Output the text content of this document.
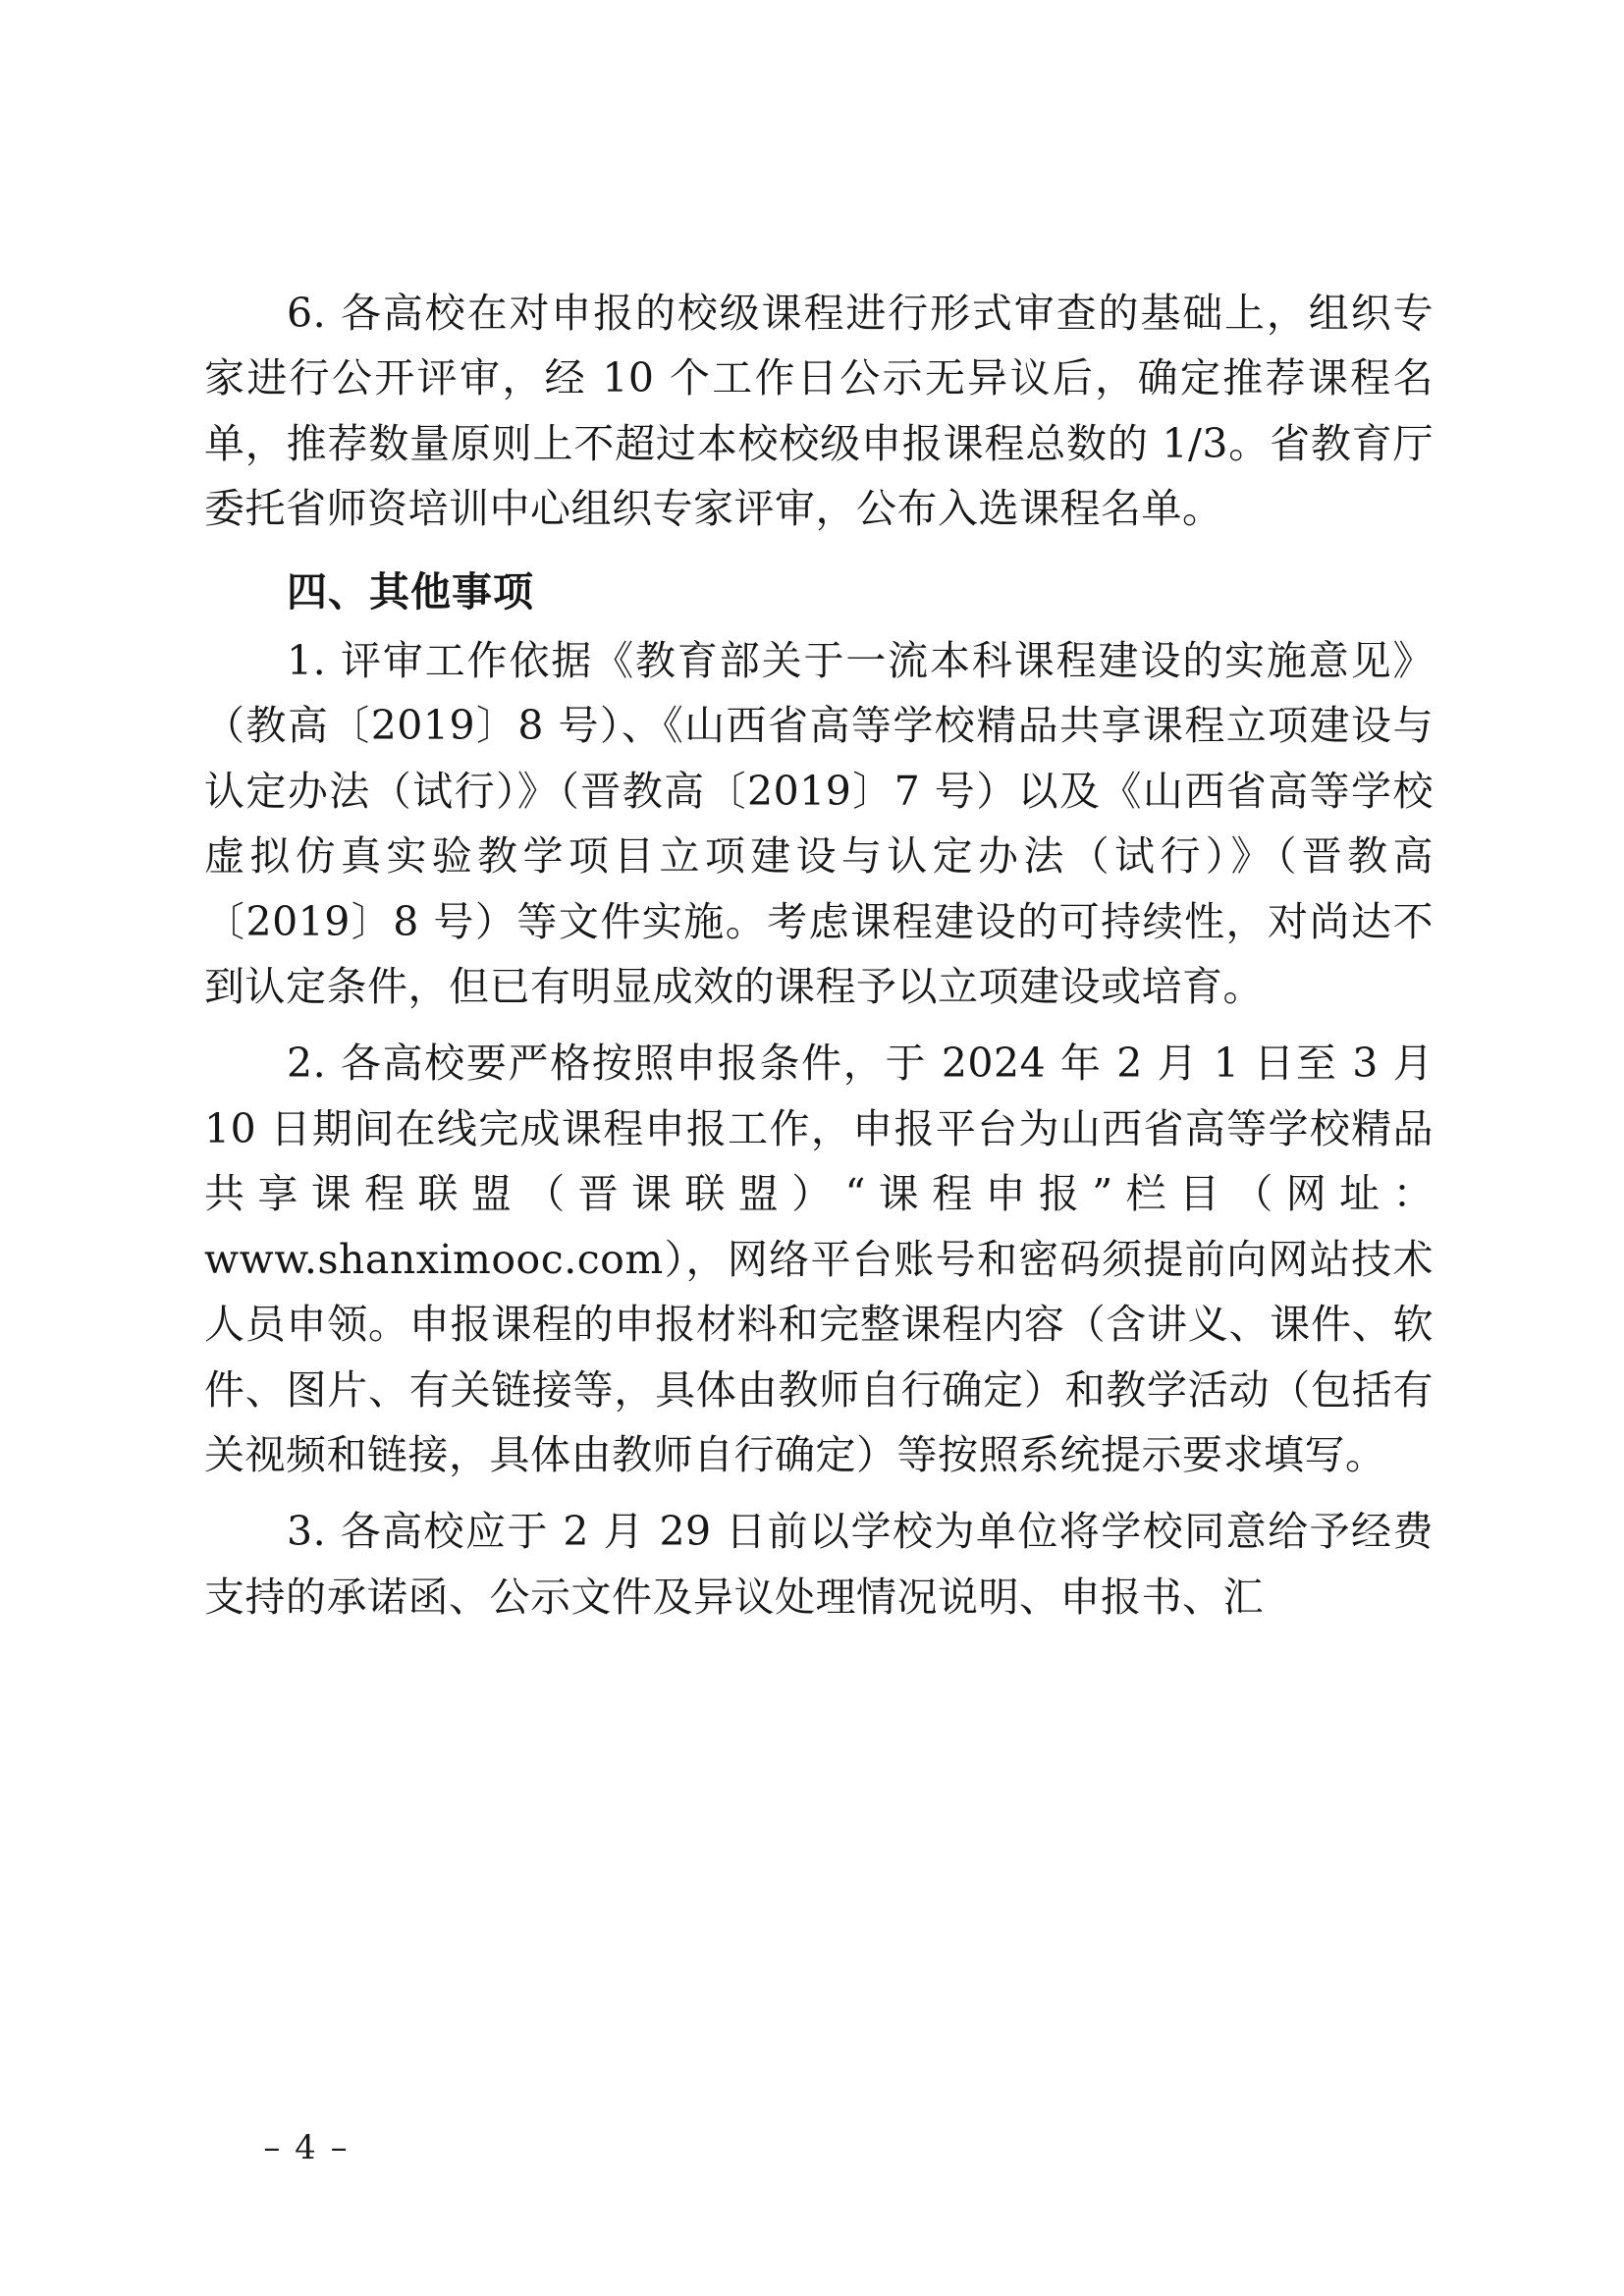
6. 各高校在对申报的校级课程进行形式审查的基础上，组织专家进行公开评审，经 10 个工作日公示无异议后，确定推荐课程名单，推荐数量原则上不超过本校校级申报课程总数的 1/3。省教育厅委托省师资培训中心组织专家评审，公布入选课程名单。

四、其他事项

1. 评审工作依据《教育部关于一流本科课程建设的实施意见》（教高〔2019〕8 号）、《山西省高等学校精品共享课程立项建设与认定办法（试行）》（晋教高〔2019〕7 号）以及《山西省高等学校虚拟仿真实验教学项目立项建设与认定办法（试行）》（晋教高〔2019〕8 号）等文件实施。考虑课程建设的可持续性，对尚达不到认定条件，但已有明显成效的课程予以立项建设或培育。

2. 各高校要严格按照申报条件，于 2024 年 2 月 1 日至 3 月 10 日期间在线完成课程申报工作，申报平台为山西省高等学校精品共享课程联盟（晋课联盟）“课程申报”栏目（网址：www.shanximooc.com），网络平台账号和密码须提前向网站技术人员申领。申报课程的申报材料和完整课程内容（含讲义、课件、软件、图片、有关链接等，具体由教师自行确定）和教学活动（包括有关视频和链接，具体由教师自行确定）等按照系统提示要求填写。

3. 各高校应于 2 月 29 日前以学校为单位将学校同意给予经费支持的承诺函、公示文件及异议处理情况说明、申报书、汇

– 4 –
